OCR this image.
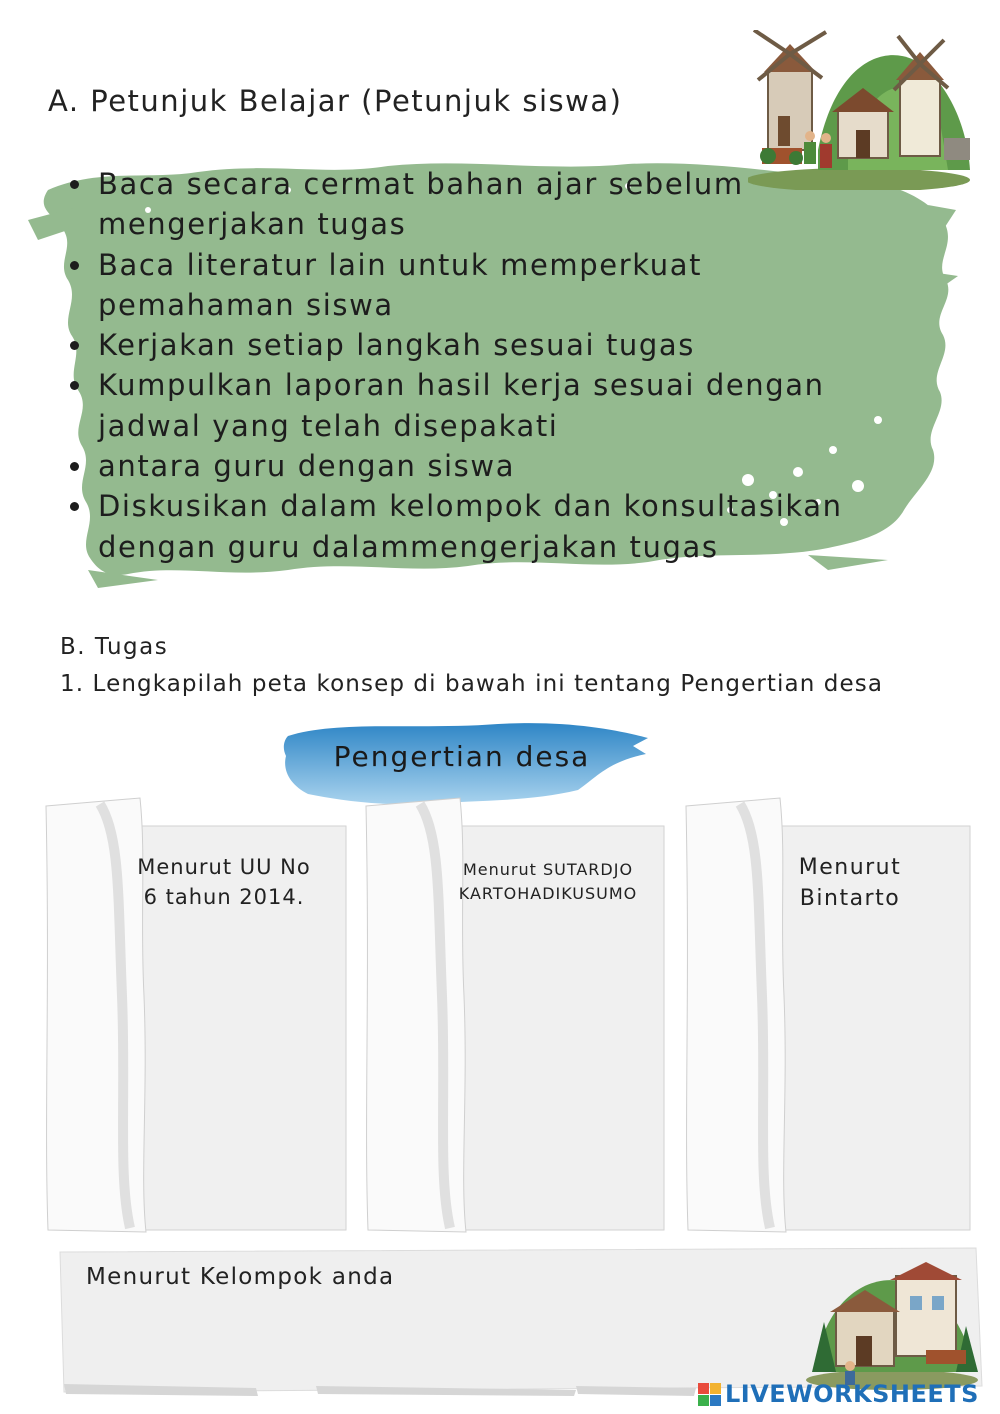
A. Petunjuk Belajar (Petunjuk siswa)
Baca secara cermat bahan ajar sebelum mengerjakan tugas
Baca literatur lain untuk memperkuat pemahaman siswa
Kerjakan setiap langkah sesuai tugas
Kumpulkan laporan hasil kerja sesuai dengan jadwal yang telah disepakati
antara guru dengan siswa
Diskusikan dalam kelompok dan konsultasikan dengan guru dalammengerjakan tugas
B. Tugas
1. Lengkapilah peta konsep di bawah ini tentang Pengertian desa
Pengertian desa
Menurut UU No
6 tahun 2014.
Menurut SUTARDJO
KARTOHADIKUSUMO
Menurut
Bintarto
Menurut Kelompok anda
LIVEWORKSHEETS
